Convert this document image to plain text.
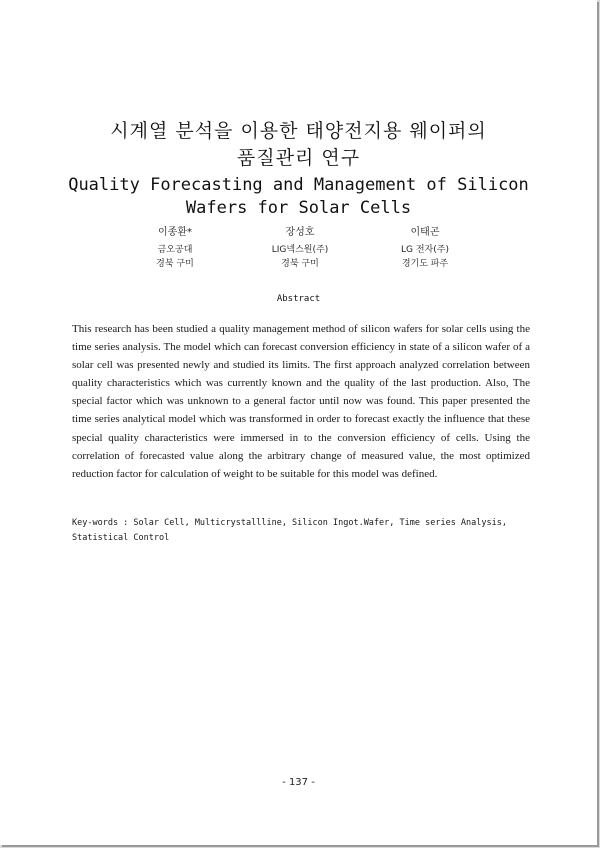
시계열 분석을 이용한 태양전지용 웨이퍼의
품질관리 연구
Quality Forecasting and Management of Silicon
Wafers for Solar Cells
이종환*
금오공대
경북 구미
장성호
LIG넥스원(주)
경북 구미
이태곤
LG 전자(주)
경기도 파주
Abstract
This research has been studied a quality management method of silicon wafers for solar cells using the time series analysis. The model which can forecast conversion efficiency in state of a silicon wafer of a solar cell was presented newly and studied its limits. The first approach analyzed correlation between quality characteristics which was currently known and the quality of the last production. Also, The special factor which was unknown to a general factor until now was found. This paper presented the time series analytical model which was transformed in order to forecast exactly the influence that these special quality characteristics were immersed in to the conversion efficiency of cells. Using the correlation of forecasted value along the arbitrary change of measured value, the most optimized reduction factor for calculation of weight to be suitable for this model was defined.
Key-words : Solar Cell, Multicrystallline, Silicon Ingot.Wafer, Time series Analysis, Statistical Control
- 137 -
